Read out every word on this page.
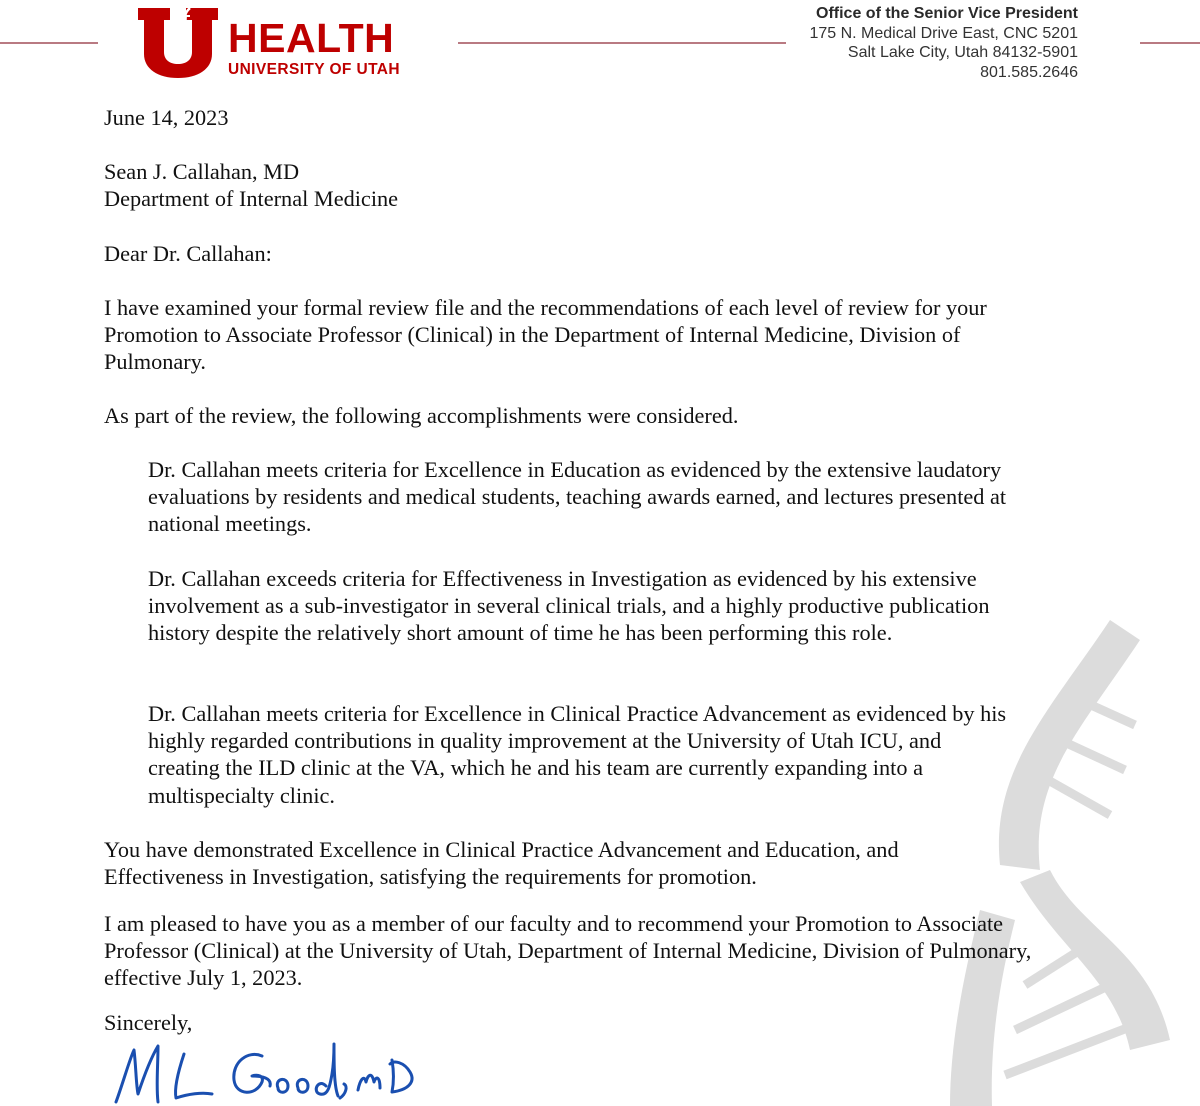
HEALTH
UNIVERSITY OF UTAH
Office of the Senior Vice President
175 N. Medical Drive East, CNC 5201
Salt Lake City, Utah 84132-5901
801.585.2646

June 14, 2023

Sean J. Callahan, MD

Department of Internal Medicine

Dear Dr. Callahan:

I have examined your formal review file and the recommendations of each level of review for your Promotion to Associate Professor (Clinical) in the Department of Internal Medicine, Division of Pulmonary.

As part of the review, the following accomplishments were considered.

Dr. Callahan meets criteria for Excellence in Education as evidenced by the extensive laudatory evaluations by residents and medical students, teaching awards earned, and lectures presented at national meetings.

Dr. Callahan exceeds criteria for Effectiveness in Investigation as evidenced by his extensive involvement as a sub-investigator in several clinical trials, and a highly productive publication history despite the relatively short amount of time he has been performing this role.

Dr. Callahan meets criteria for Excellence in Clinical Practice Advancement as evidenced by his highly regarded contributions in quality improvement at the University of Utah ICU, and creating the ILD clinic at the VA, which he and his team are currently expanding into a multispecialty clinic.

You have demonstrated Excellence in Clinical Practice Advancement and Education, and Effectiveness in Investigation, satisfying the requirements for promotion.

I am pleased to have you as a member of our faculty and to recommend your Promotion to Associate Professor (Clinical) at the University of Utah, Department of Internal Medicine, Division of Pulmonary, effective July 1, 2023.

Sincerely,
